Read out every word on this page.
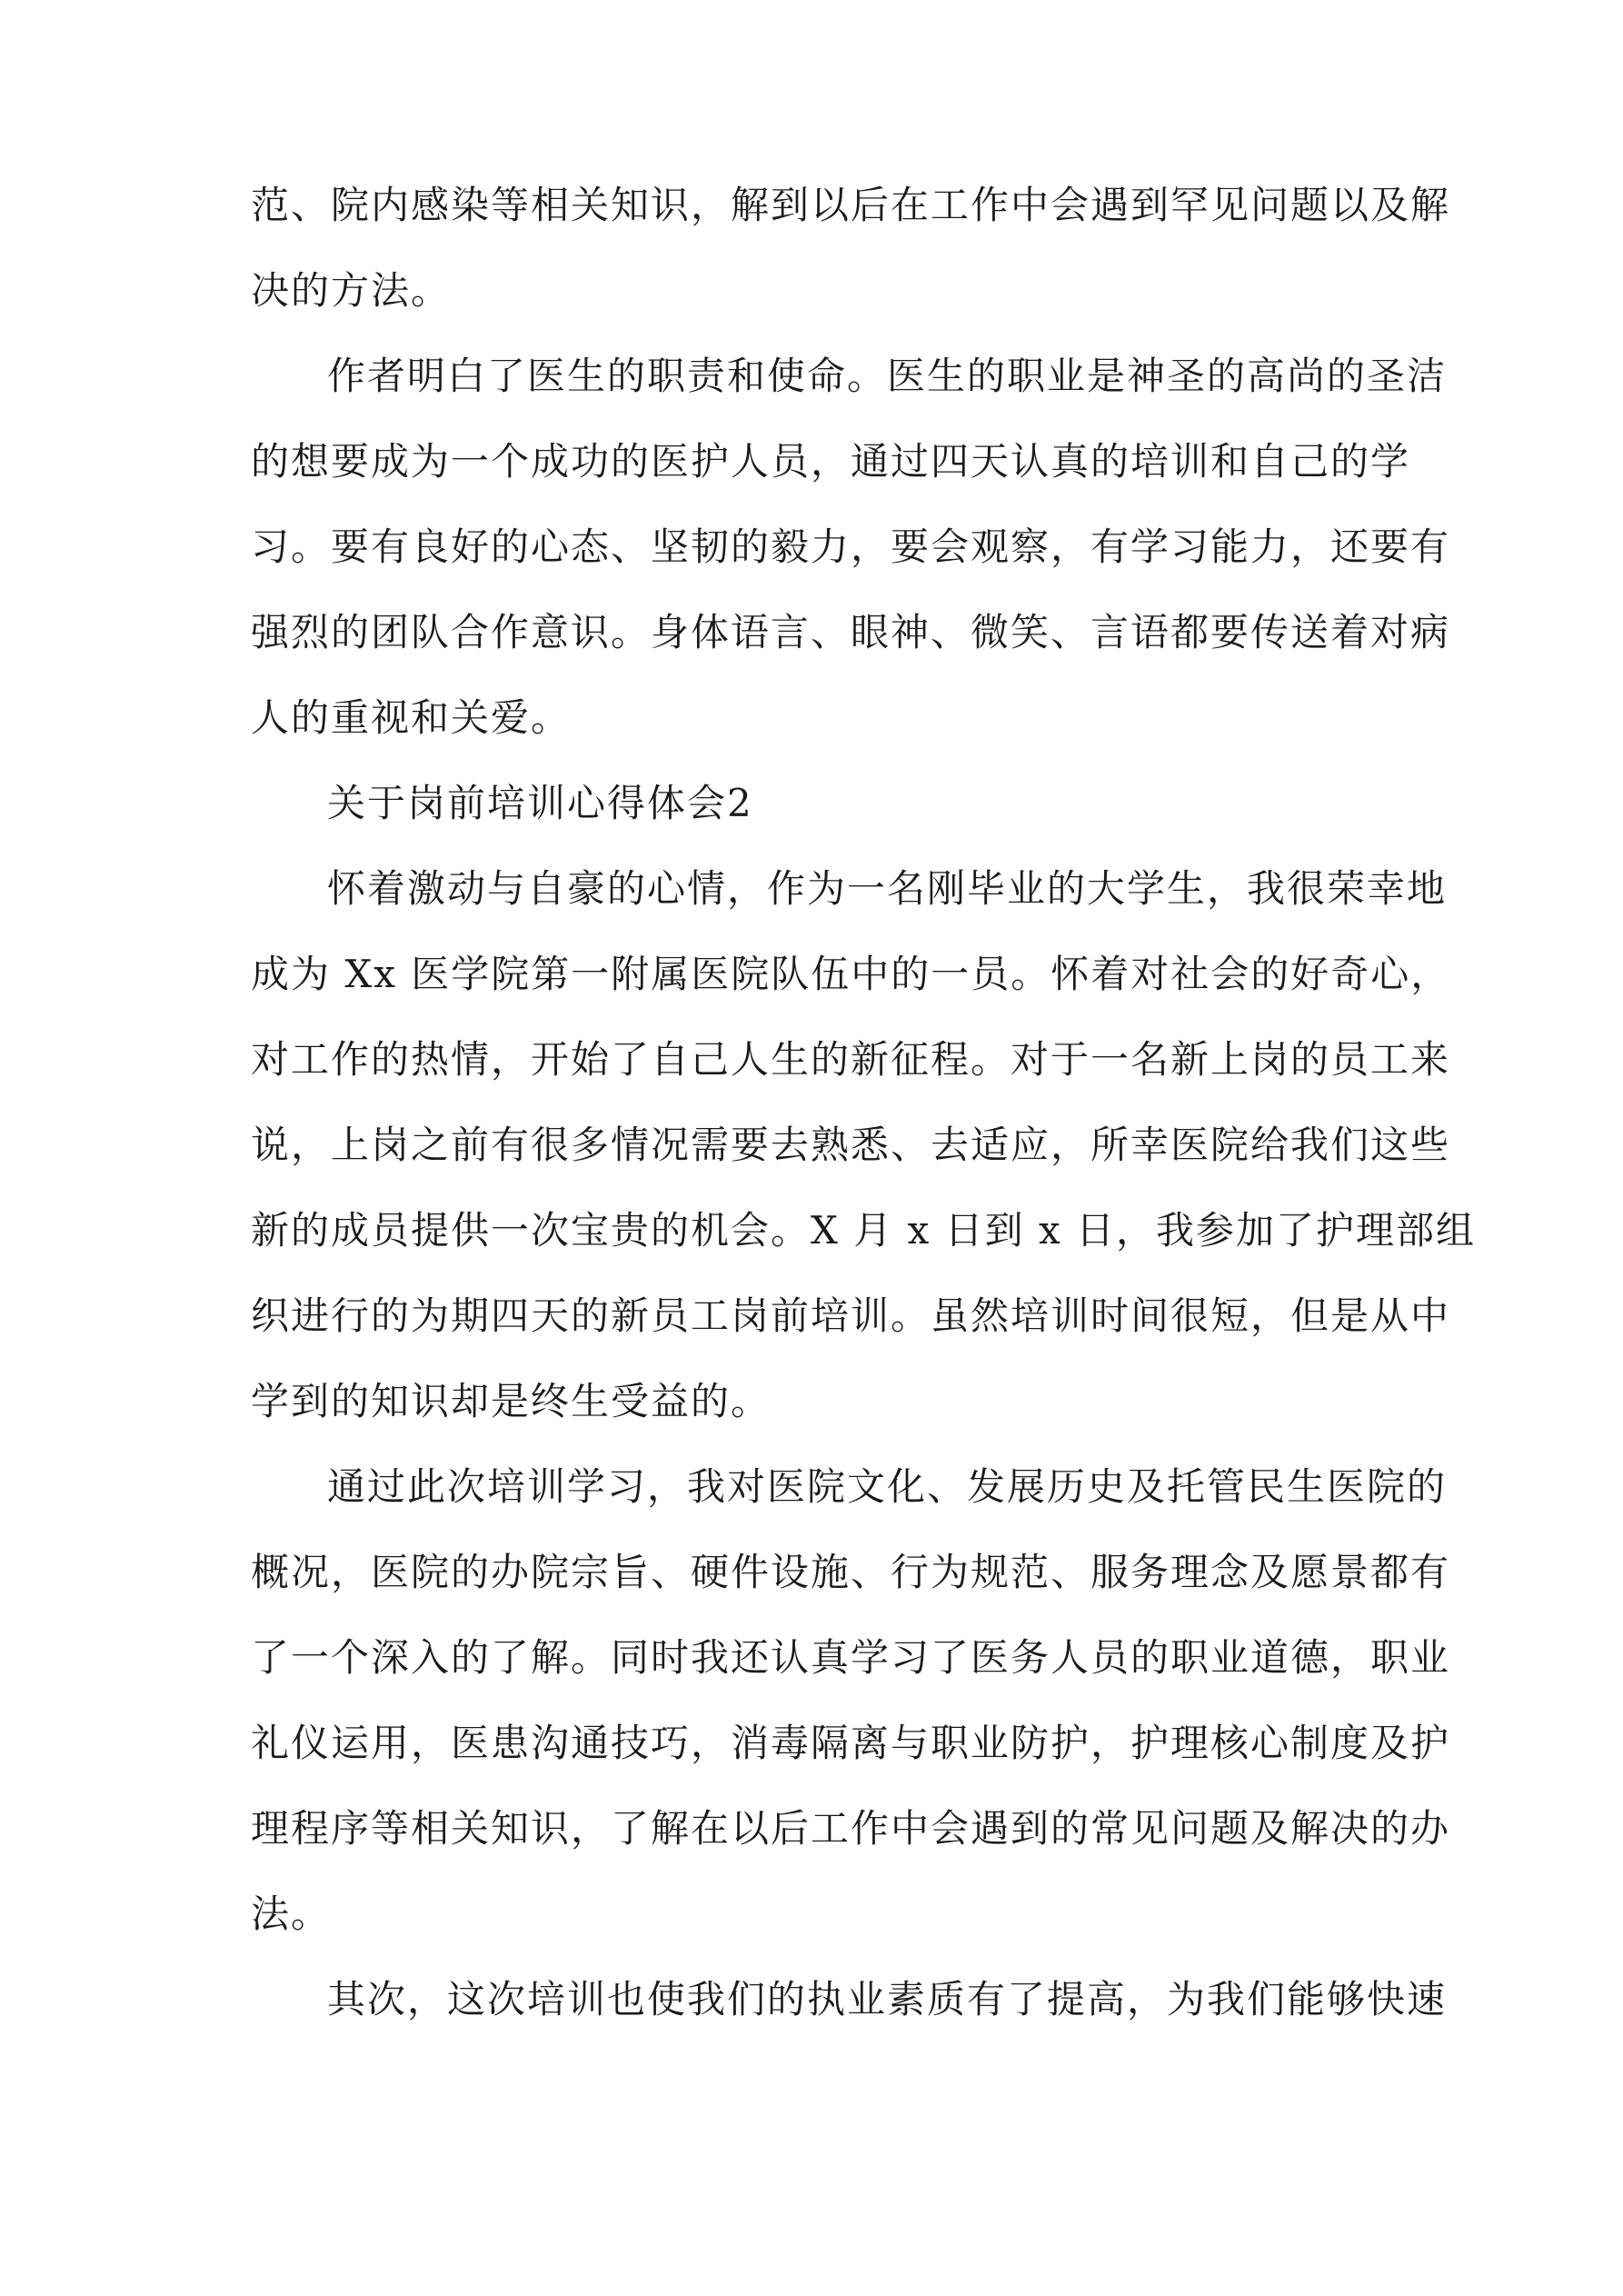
范、院内感染等相关知识，解到以后在工作中会遇到罕见问题以及解
决的方法。
作者明白了医生的职责和使命。医生的职业是神圣的高尚的圣洁
的想要成为一个成功的医护人员，通过四天认真的培训和自己的学
习。要有良好的心态、坚韧的毅力，要会观察，有学习能力，还要有
强烈的团队合作意识。身体语言、眼神、微笑、言语都要传送着对病
人的重视和关爱。
关于岗前培训心得体会2
怀着激动与自豪的心情，作为一名刚毕业的大学生，我很荣幸地
成为 Xx 医学院第一附属医院队伍中的一员。怀着对社会的好奇心，
对工作的热情，开始了自己人生的新征程。对于一名新上岗的员工来
说，上岗之前有很多情况需要去熟悉、去适应，所幸医院给我们这些
新的成员提供一次宝贵的机会。X 月 x 日到 x 日，我参加了护理部组
织进行的为期四天的新员工岗前培训。虽然培训时间很短，但是从中
学到的知识却是终生受益的。
通过此次培训学习，我对医院文化、发展历史及托管民生医院的
概况，医院的办院宗旨、硬件设施、行为规范、服务理念及愿景都有
了一个深入的了解。同时我还认真学习了医务人员的职业道德，职业
礼仪运用，医患沟通技巧，消毒隔离与职业防护，护理核心制度及护
理程序等相关知识，了解在以后工作中会遇到的常见问题及解决的办
法。
其次，这次培训也使我们的执业素质有了提高，为我们能够快速
